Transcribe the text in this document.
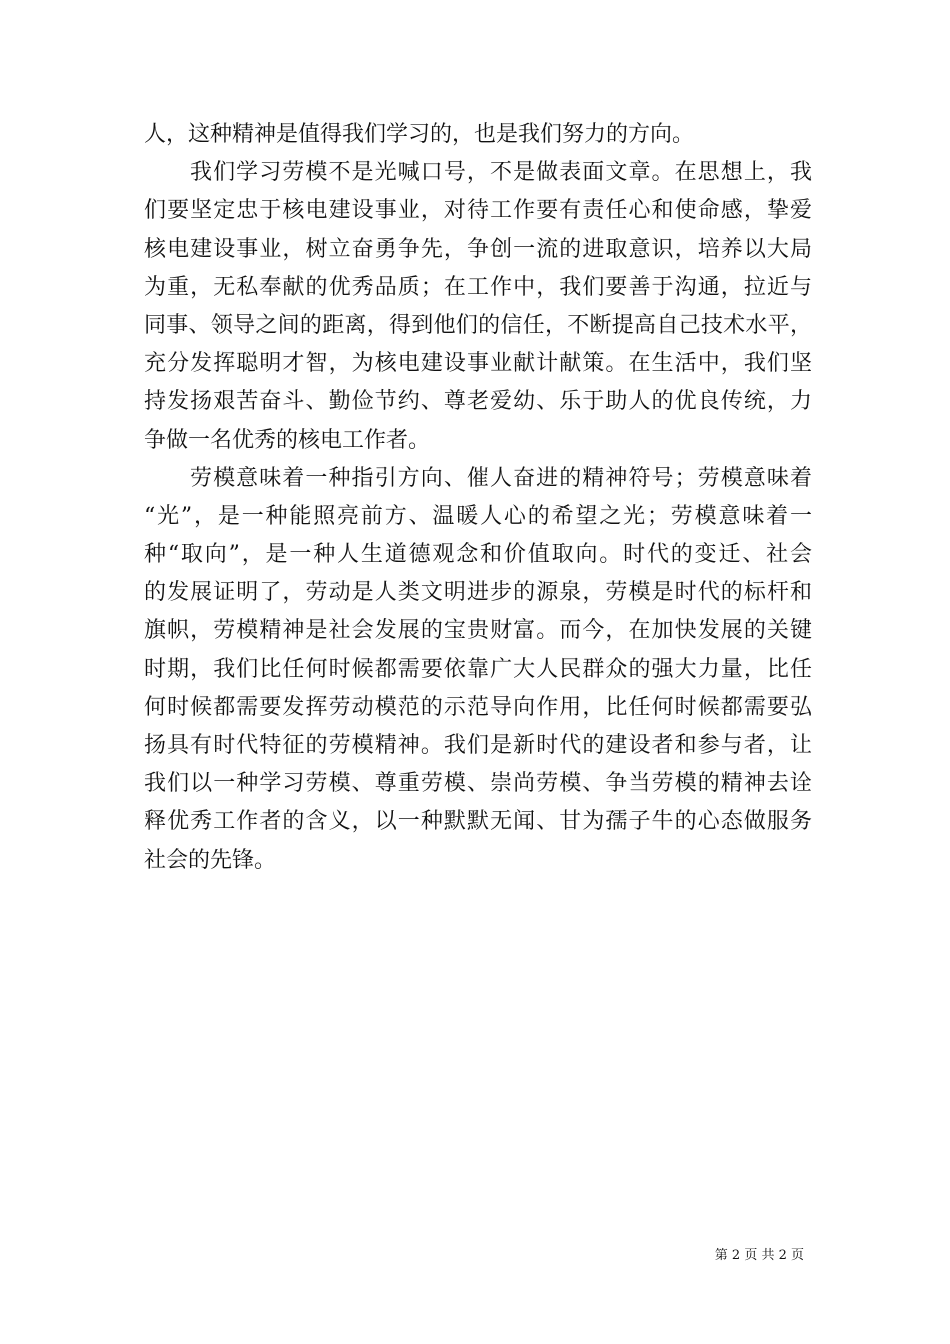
人，这种精神是值得我们学习的，也是我们努力的方向。
我们学习劳模不是光喊口号，不是做表面文章。在思想上，我
们要坚定忠于核电建设事业，对待工作要有责任心和使命感，挚爱
核电建设事业，树立奋勇争先，争创一流的进取意识，培养以大局
为重，无私奉献的优秀品质；在工作中，我们要善于沟通，拉近与
同事、领导之间的距离，得到他们的信任，不断提高自己技术水平，
充分发挥聪明才智，为核电建设事业献计献策。在生活中，我们坚
持发扬艰苦奋斗、勤俭节约、尊老爱幼、乐于助人的优良传统，力
争做一名优秀的核电工作者。
劳模意味着一种指引方向、催人奋进的精神符号；劳模意味着
“光”，是一种能照亮前方、温暖人心的希望之光；劳模意味着一
种“取向”，是一种人生道德观念和价值取向。时代的变迁、社会
的发展证明了，劳动是人类文明进步的源泉，劳模是时代的标杆和
旗帜，劳模精神是社会发展的宝贵财富。而今，在加快发展的关键
时期，我们比任何时候都需要依靠广大人民群众的强大力量，比任
何时候都需要发挥劳动模范的示范导向作用，比任何时候都需要弘
扬具有时代特征的劳模精神。我们是新时代的建设者和参与者，让
我们以一种学习劳模、尊重劳模、崇尚劳模、争当劳模的精神去诠
释优秀工作者的含义，以一种默默无闻、甘为孺子牛的心态做服务
社会的先锋。
第 2 页 共 2 页
